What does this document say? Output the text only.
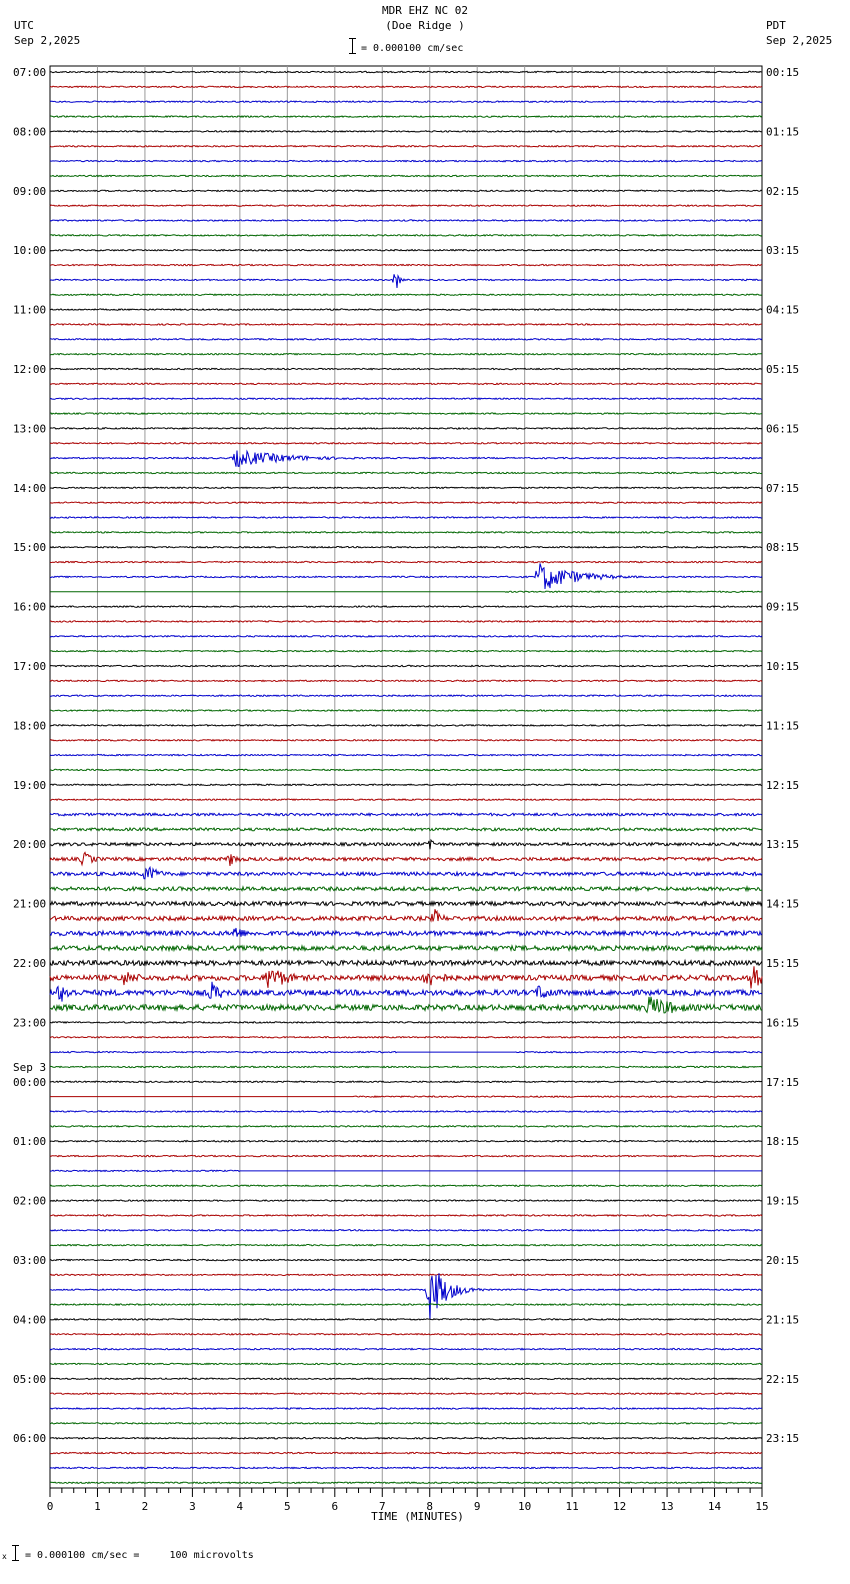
MDR EHZ NC 02
(Doe Ridge )
= 0.000100 cm/sec
UTC
Sep 2,2025
PDT
Sep 2,2025
0	1	2	3	4	5	6	7	8	9	10	11	12	13	14	15
07:00
08:00
09:00
10:00
11:00
12:00
13:00
14:00
15:00
16:00
17:00
18:00
19:00
20:00
21:00
22:00
23:00
Sep 3
00:00
01:00
02:00
03:00
04:00
05:00
06:00
00:15
01:15
02:15
03:15
04:15
05:15
06:15
07:15
08:15
09:15
10:15
11:15
12:15
13:15
14:15
15:15
16:15
17:15
18:15
19:15
20:15
21:15
22:15
23:15
TIME (MINUTES)
x = 0.000100 cm/sec =     100 microvolts
